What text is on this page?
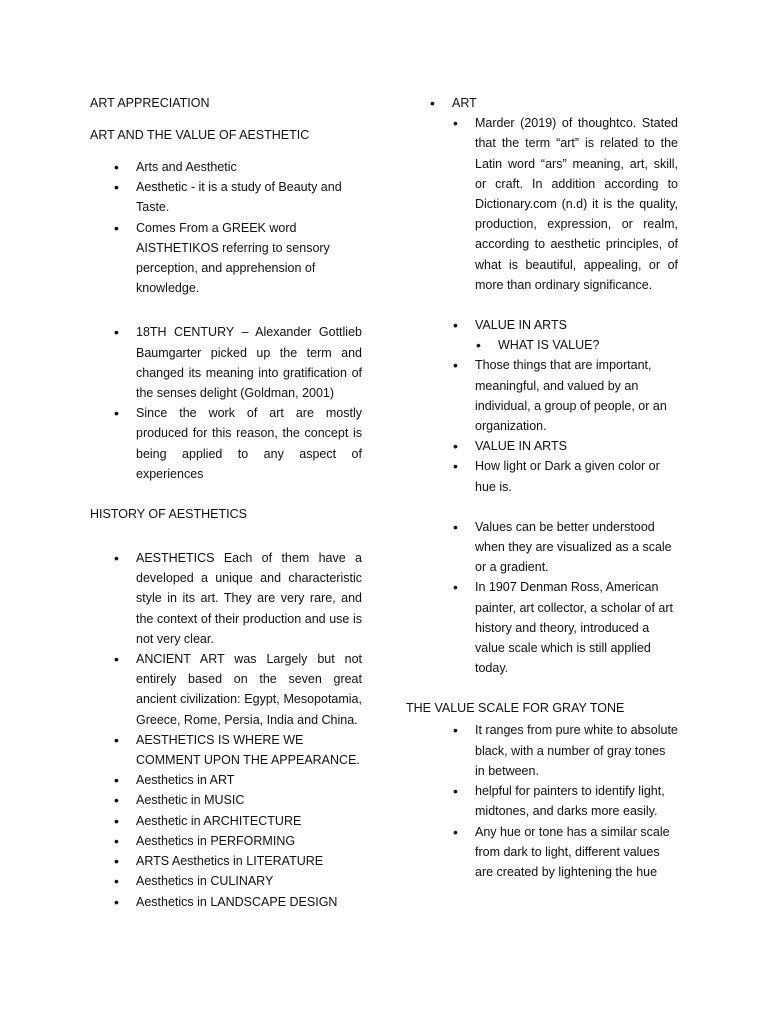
ART APPRECIATION

ART AND THE VALUE OF AESTHETIC

• Arts and Aesthetic
• Aesthetic - it is a study of Beauty and Taste.
• Comes From a GREEK word AISTHETIKOS referring to sensory perception, and apprehension of knowledge.
• 18TH CENTURY – Alexander Gottlieb Baumgarter picked up the term and changed its meaning into gratification of the senses delight (Goldman, 2001)
• Since the work of art are mostly produced for this reason, the concept is being applied to any aspect of experiences

HISTORY OF AESTHETICS

• AESTHETICS Each of them have a developed a unique and characteristic style in its art. They are very rare, and the context of their production and use is not very clear.
• ANCIENT ART was Largely but not entirely based on the seven great ancient civilization: Egypt, Mesopotamia, Greece, Rome, Persia, India and China.
• AESTHETICS IS WHERE WE COMMENT UPON THE APPEARANCE.
• Aesthetics in ART
• Aesthetic in MUSIC
• Aesthetic in ARCHITECTURE
• Aesthetics in PERFORMING
• ARTS Aesthetics in LITERATURE
• Aesthetics in CULINARY
• Aesthetics in LANDSCAPE DESIGN
• ART
• Marder (2019) of thoughtco. Stated that the term “art” is related to the Latin word “ars” meaning, art, skill, or craft. In addition according to Dictionary.com (n.d) it is the quality, production, expression, or realm, according to aesthetic principles, of what is beautiful, appealing, or of more than ordinary significance.
• VALUE IN ARTS
• WHAT IS VALUE?
• Those things that are important, meaningful, and valued by an individual, a group of people, or an organization.
• VALUE IN ARTS
• How light or Dark a given color or hue is.
• Values can be better understood when they are visualized as a scale or a gradient.
• In 1907 Denman Ross, American painter, art collector, a scholar of art history and theory, introduced a value scale which is still applied today.

THE VALUE SCALE FOR GRAY TONE

• It ranges from pure white to absolute black, with a number of gray tones in between.
• helpful for painters to identify light, midtones, and darks more easily.
• Any hue or tone has a similar scale from dark to light, different values are created by lightening the hue
